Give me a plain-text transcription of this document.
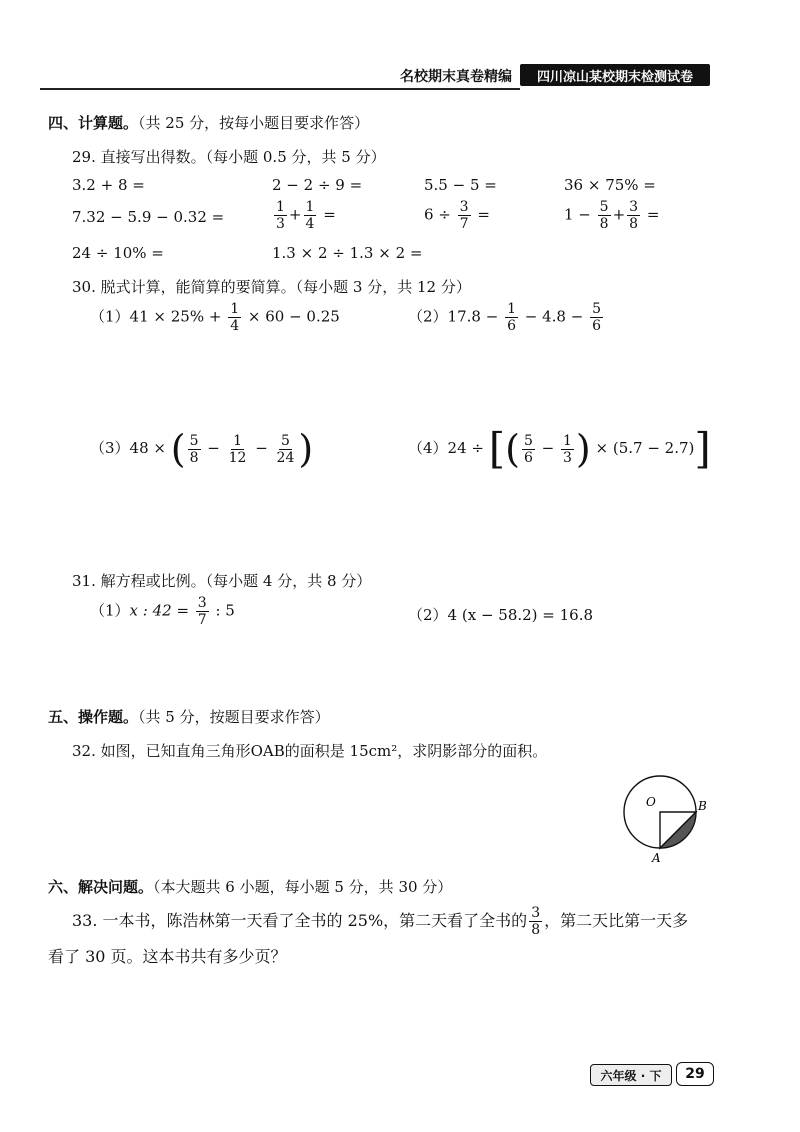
名校期末真卷精编	四川凉山某校期末检测试卷
四、计算题。（共 25 分，按每小题目要求作答）
29. 直接写出得数。（每小题 0.5 分，共 5 分）
3.2 + 8 =	2 − 2 ÷ 9 =	5.5 − 5 =	36 × 75% =
7.32 − 5.9 − 0.32 =	$\frac{1}{3} + \frac{1}{4}$ =	$6 \div \frac{3}{7}$ =	$1 - \frac{5}{8} + \frac{3}{8}$ =
24 ÷ 10% =	1.3 × 2 ÷ 1.3 × 2 =
30. 脱式计算，能简算的要简算。（每小题 3 分，共 12 分）
$(1)41 \times 25\% + \frac{1}{4} \times 60 - 0.25$	$(2)17.8 - \frac{1}{6} - 4.8 - \frac{5}{6}$
（3）48 × ( $\frac{5}{8} - \frac{1}{12} - \frac{5}{24}$ )	（4）24 ÷ [( $\frac{5}{6} - \frac{1}{3}$ ) × (5.7 − 2.7)]
31. 解方程或比例。（每小题 4 分，共 8 分）
（1）x : $42 = \frac{3}{7}$ : 5	（2）4 (x − 58.2) = 16.8
五、操作题。（共 5 分，按题目要求作答）
32. 如图，已知直角三角形OAB的面积是 15cm²，求阴影部分的面积。
O	B
A
六、解决问题。（本大题共 6 小题，每小题 5 分，共 30 分）
33. 一本书，陈浩林第一天看了全书的 25%，第二天看了全书的 $\frac{3}{8}$ ，第二天比第一天多
看了 30 页。这本书共有多少页？
六年级 · 下	29
